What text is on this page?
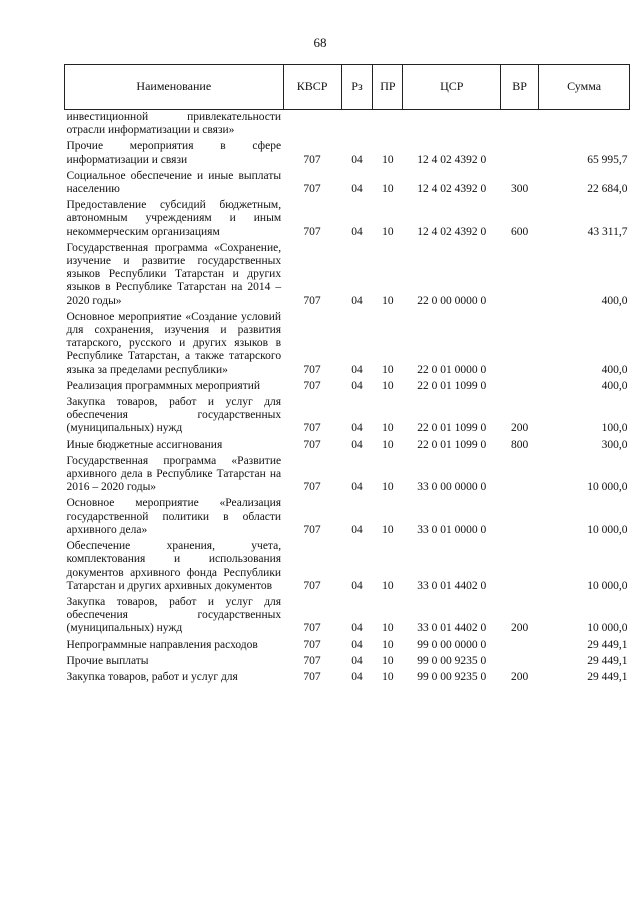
68
Наименование	КВСР	Рз	ПР	ЦСР	ВР	Сумма
инвестиционной привлекательности отрасли информатизации и связи»						
Прочие мероприятия в сфере информатизации и связи	707	04	10	12 4 02 4392 0		65 995,7
Социальное обеспечение и иные выплаты населению	707	04	10	12 4 02 4392 0	300	22 684,0
Предоставление субсидий бюджетным, автономным учреждениям и иным некоммерческим организациям	707	04	10	12 4 02 4392 0	600	43 311,7
Государственная программа «Сохранение, изучение и развитие государственных языков Республики Татарстан и других языков в Республике Татарстан на 2014 – 2020 годы»	707	04	10	22 0 00 0000 0		400,0
Основное мероприятие «Создание условий для сохранения, изучения и развития татарского, русского и других языков в Республике Татарстан, а также татарского языка за пределами республики»	707	04	10	22 0 01 0000 0		400,0
Реализация программных мероприятий	707	04	10	22 0 01 1099 0		400,0
Закупка товаров, работ и услуг для обеспечения государственных (муниципальных) нужд	707	04	10	22 0 01 1099 0	200	100,0
Иные бюджетные ассигнования	707	04	10	22 0 01 1099 0	800	300,0
Государственная программа «Развитие архивного дела в Республике Татарстан на 2016 – 2020 годы»	707	04	10	33 0 00 0000 0		10 000,0
Основное мероприятие «Реализация государственной политики в области архивного дела»	707	04	10	33 0 01 0000 0		10 000,0
Обеспечение хранения, учета, комплектования и использования документов архивного фонда Республики Татарстан и других архивных документов	707	04	10	33 0 01 4402 0		10 000,0
Закупка товаров, работ и услуг для обеспечения государственных (муниципальных) нужд	707	04	10	33 0 01 4402 0	200	10 000,0
Непрограммные направления расходов	707	04	10	99 0 00 0000 0		29 449,1
Прочие выплаты	707	04	10	99 0 00 9235 0		29 449,1
Закупка товаров, работ и услуг для	707	04	10	99 0 00 9235 0	200	29 449,1
